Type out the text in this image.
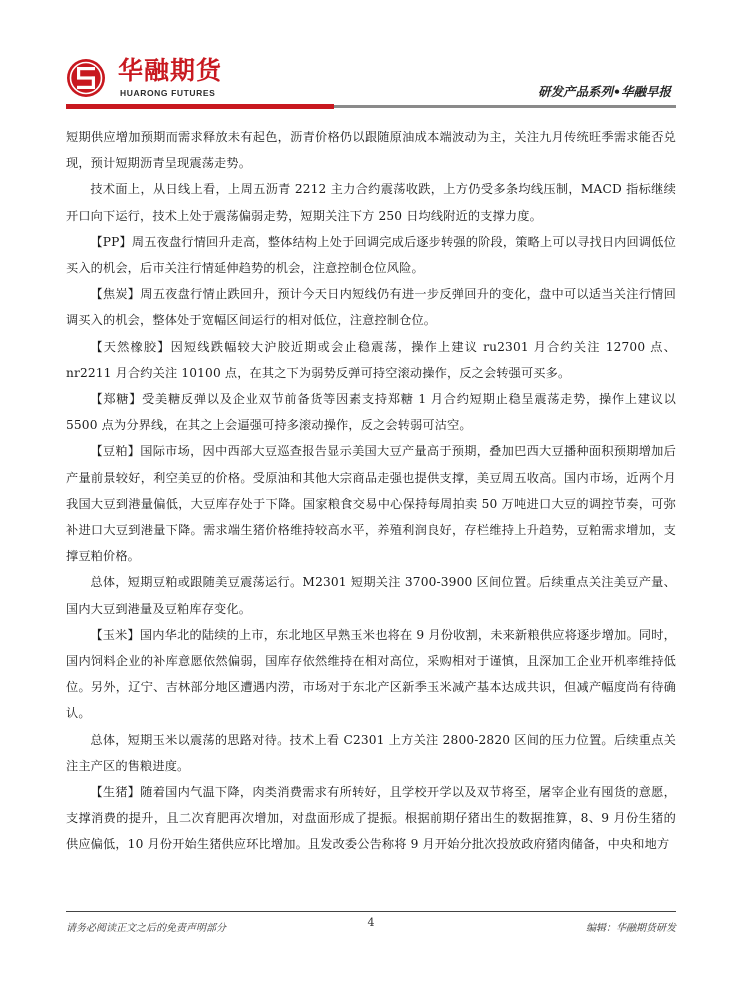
华融期货
HUARONG FUTURES	研发产品系列•华融早报

短期供应增加预期而需求释放未有起色，沥青价格仍以跟随原油成本端波动为主，关注九月传统旺季需求能否兑现，预计短期沥青呈现震荡走势。

技术面上，从日线上看，上周五沥青 2212 主力合约震荡收跌，上方仍受多条均线压制，MACD 指标继续开口向下运行，技术上处于震荡偏弱走势，短期关注下方 250 日均线附近的支撑力度。

【PP】周五夜盘行情回升走高，整体结构上处于回调完成后逐步转强的阶段，策略上可以寻找日内回调低位买入的机会，后市关注行情延伸趋势的机会，注意控制仓位风险。

【焦炭】周五夜盘行情止跌回升，预计今天日内短线仍有进一步反弹回升的变化，盘中可以适当关注行情回调买入的机会，整体处于宽幅区间运行的相对低位，注意控制仓位。

【天然橡胶】因短线跌幅较大沪胶近期或会止稳震荡，操作上建议 ru2301 月合约关注 12700 点、nr2211 月合约关注 10100 点，在其之下为弱势反弹可持空滚动操作，反之会转强可买多。

【郑糖】受美糖反弹以及企业双节前备货等因素支持郑糖 1 月合约短期止稳呈震荡走势，操作上建议以 5500 点为分界线，在其之上会逼强可持多滚动操作，反之会转弱可沽空。

【豆粕】国际市场，因中西部大豆巡查报告显示美国大豆产量高于预期，叠加巴西大豆播种面积预期增加后产量前景较好，利空美豆的价格。受原油和其他大宗商品走强也提供支撑，美豆周五收高。国内市场，近两个月我国大豆到港量偏低，大豆库存处于下降。国家粮食交易中心保持每周拍卖 50 万吨进口大豆的调控节奏，可弥补进口大豆到港量下降。需求端生猪价格维持较高水平，养殖利润良好，存栏维持上升趋势，豆粕需求增加，支撑豆粕价格。

总体，短期豆粕或跟随美豆震荡运行。M2301 短期关注 3700-3900 区间位置。后续重点关注美豆产量、国内大豆到港量及豆粕库存变化。

【玉米】国内华北的陆续的上市，东北地区早熟玉米也将在 9 月份收割，未来新粮供应将逐步增加。同时，国内饲料企业的补库意愿依然偏弱，国库存依然维持在相对高位，采购相对于谨慎，且深加工企业开机率维持低位。另外，辽宁、吉林部分地区遭遇内涝，市场对于东北产区新季玉米减产基本达成共识，但减产幅度尚有待确认。

总体，短期玉米以震荡的思路对待。技术上看 C2301 上方关注 2800-2820 区间的压力位置。后续重点关注主产区的售粮进度。

【生猪】随着国内气温下降，肉类消费需求有所转好，且学校开学以及双节将至，屠宰企业有囤货的意愿，支撑消费的提升，且二次育肥再次增加，对盘面形成了提振。根据前期仔猪出生的数据推算，8、9 月份生猪的供应偏低，10 月份开始生猪供应环比增加。且发改委公告称将 9 月开始分批次投放政府猪肉储备，中央和地方

请务必阅读正文之后的免责声明部分	4	编辑：华融期货研发
